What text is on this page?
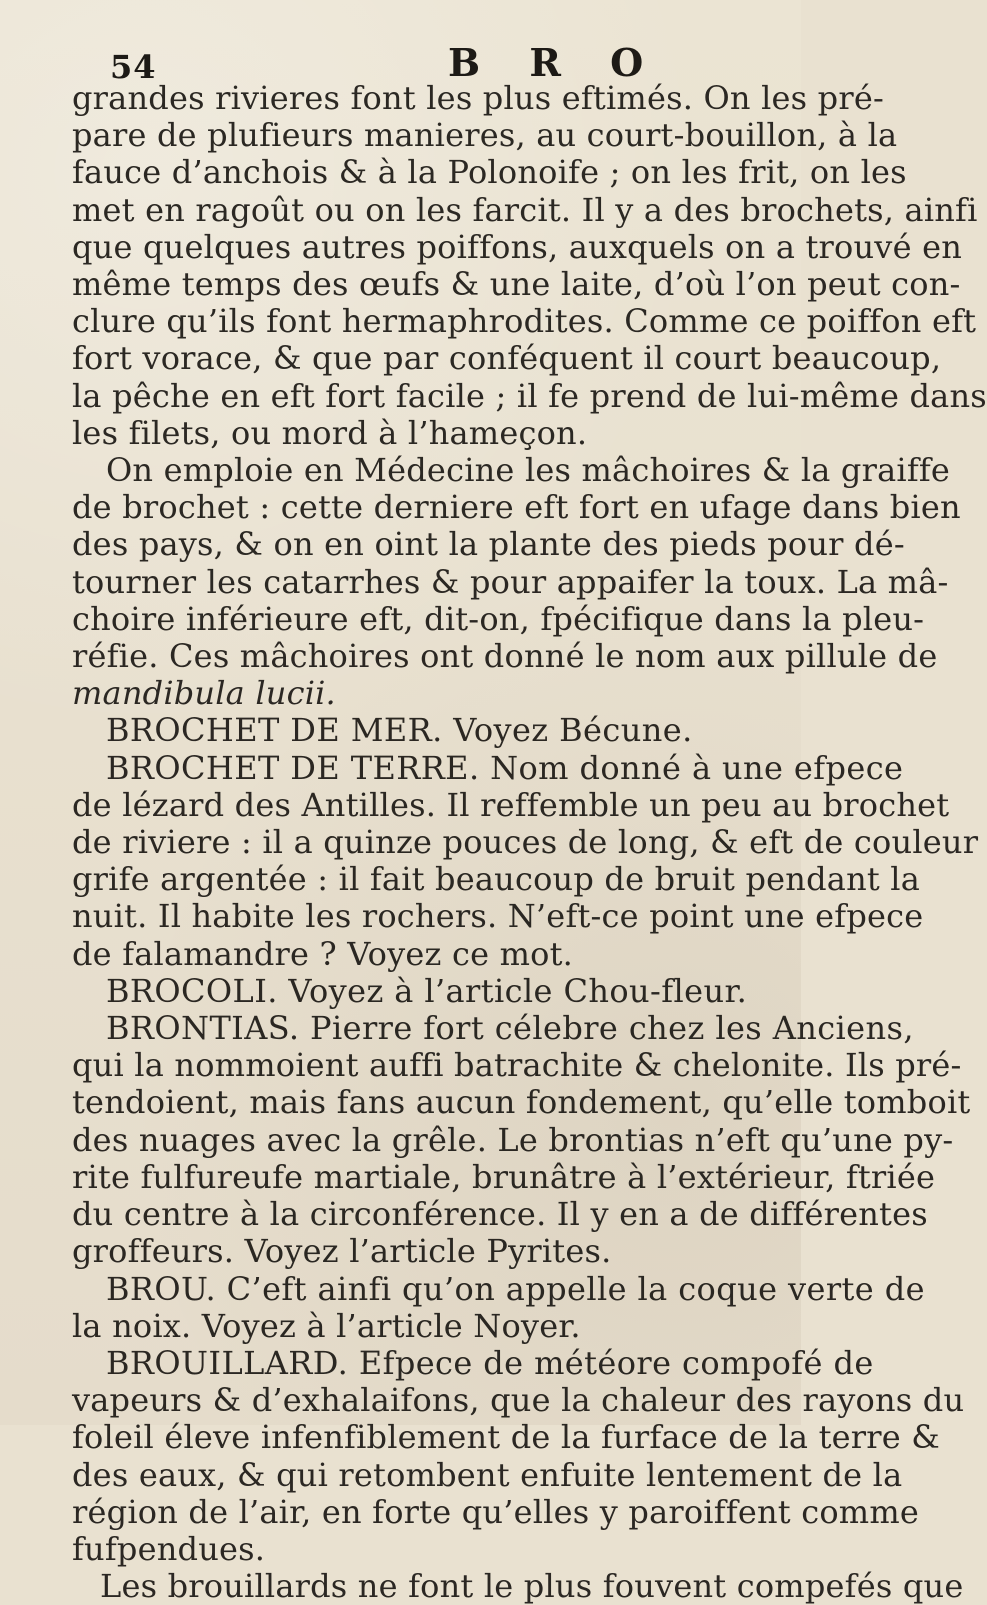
54	B R O
grandes rivieres font les plus eftimés. On les pré-
pare de plufieurs manieres, au court-bouillon, à la
fauce d’anchois & à la Polonoife ; on les frit, on les
met en ragoût ou on les farcit. Il y a des brochets, ainfi
que quelques autres poiffons, auxquels on a trouvé en
même temps des œufs & une laite, d’où l’on peut con-
clure qu’ils font hermaphrodites. Comme ce poiffon eft
fort vorace, & que par conféquent il court beaucoup,
la pêche en eft fort facile ; il fe prend de lui-même dans
les filets, ou mord à l’hameçon.
On emploie en Médecine les mâchoires & la graiffe
de brochet : cette derniere eft fort en ufage dans bien
des pays, & on en oint la plante des pieds pour dé-
tourner les catarrhes & pour appaifer la toux. La mâ-
choire inférieure eft, dit-on, fpécifique dans la pleu-
réfie. Ces mâchoires ont donné le nom aux pillule de
mandibula lucii.
BROCHET DE MER. Voyez Bécune.
BROCHET DE TERRE. Nom donné à une efpece
de lézard des Antilles. Il reffemble un peu au brochet
de riviere : il a quinze pouces de long, & eft de couleur
grife argentée : il fait beaucoup de bruit pendant la
nuit. Il habite les rochers. N’eft-ce point une efpece
de falamandre ? Voyez ce mot.
BROCOLI. Voyez à l’article Chou-fleur.
BRONTIAS. Pierre fort célebre chez les Anciens,
qui la nommoient auffi batrachite & chelonite. Ils pré-
tendoient, mais fans aucun fondement, qu’elle tomboit
des nuages avec la grêle. Le brontias n’eft qu’une py-
rite fulfureufe martiale, brunâtre à l’extérieur, ftriée
du centre à la circonférence. Il y en a de différentes
groffeurs. Voyez l’article Pyrites.
BROU. C’eft ainfi qu’on appelle la coque verte de
la noix. Voyez à l’article Noyer.
BROUILLARD. Efpece de météore compofé de
vapeurs & d’exhalaifons, que la chaleur des rayons du
foleil éleve infenfiblement de la furface de la terre &
des eaux, & qui retombent enfuite lentement de la
région de l’air, en forte qu’elles y paroiffent comme
fufpendues.
Les brouillards ne font le plus fouvent compefés que
